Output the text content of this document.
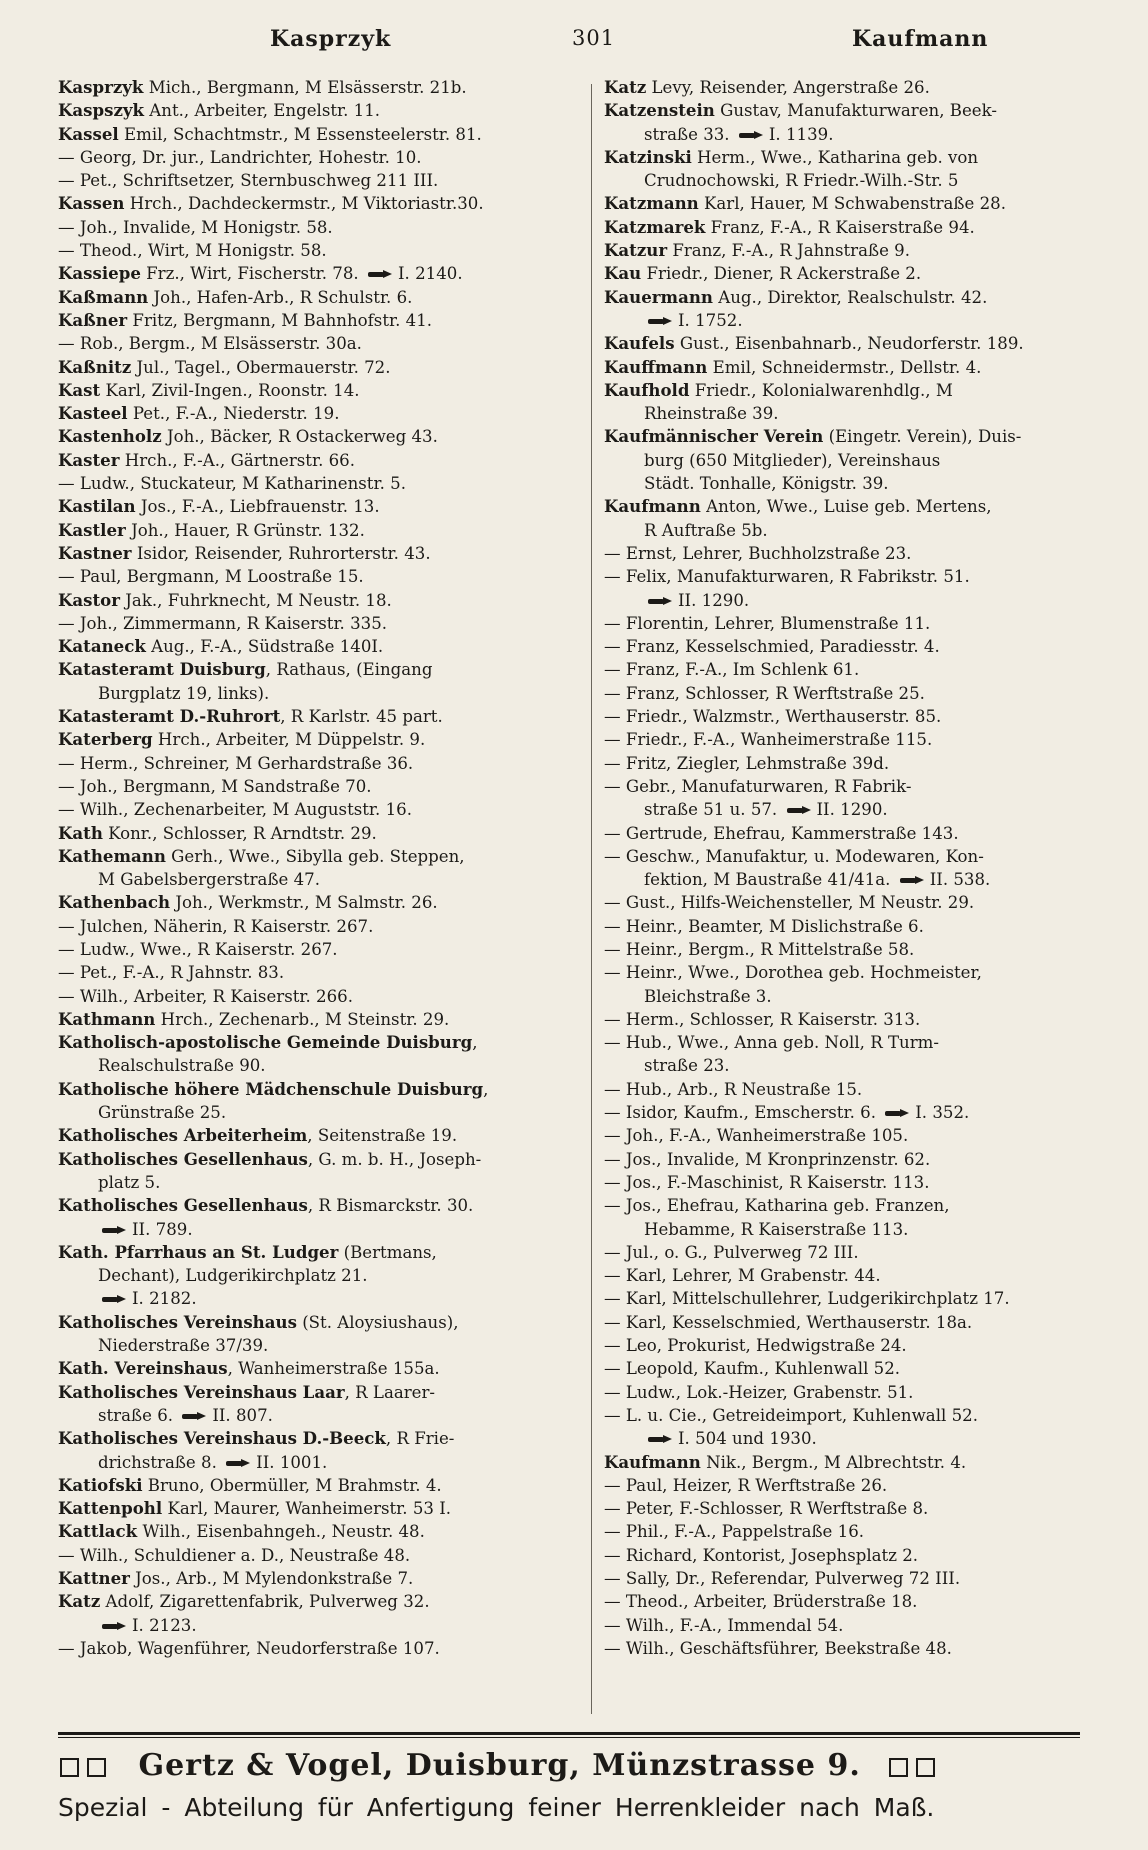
Kasprzyk	301	Kaufmann
Kasprzyk Mich., Bergmann, M Elsässerstr. 21b.
Kaspszyk Ant., Arbeiter, Engelstr. 11.
Kassel Emil, Schachtmstr., M Essensteelerstr. 81.
— Georg, Dr. jur., Landrichter, Hohestr. 10.
— Pet., Schriftsetzer, Sternbuschweg 211 III.
Kassen Hrch., Dachdeckermstr., M Viktoriastr.30.
— Joh., Invalide, M Honigstr. 58.
— Theod., Wirt, M Honigstr. 58.
Kassiepe Frz., Wirt, Fischerstr. 78. I. 2140.
Kaßmann Joh., Hafen-Arb., R Schulstr. 6.
Kaßner Fritz, Bergmann, M Bahnhofstr. 41.
— Rob., Bergm., M Elsässerstr. 30a.
Kaßnitz Jul., Tagel., Obermauerstr. 72.
Kast Karl, Zivil-Ingen., Roonstr. 14.
Kasteel Pet., F.-A., Niederstr. 19.
Kastenholz Joh., Bäcker, R Ostackerweg 43.
Kaster Hrch., F.-A., Gärtnerstr. 66.
— Ludw., Stuckateur, M Katharinenstr. 5.
Kastilan Jos., F.-A., Liebfrauenstr. 13.
Kastler Joh., Hauer, R Grünstr. 132.
Kastner Isidor, Reisender, Ruhrorterstr. 43.
— Paul, Bergmann, M Loostraße 15.
Kastor Jak., Fuhrknecht, M Neustr. 18.
— Joh., Zimmermann, R Kaiserstr. 335.
Kataneck Aug., F.-A., Südstraße 140I.
Katasteramt Duisburg, Rathaus, (Eingang
Burgplatz 19, links).
Katasteramt D.-Ruhrort, R Karlstr. 45 part.
Katerberg Hrch., Arbeiter, M Düppelstr. 9.
— Herm., Schreiner, M Gerhardstraße 36.
— Joh., Bergmann, M Sandstraße 70.
— Wilh., Zechenarbeiter, M Auguststr. 16.
Kath Konr., Schlosser, R Arndtstr. 29.
Kathemann Gerh., Wwe., Sibylla geb. Steppen,
M Gabelsbergerstraße 47.
Kathenbach Joh., Werkmstr., M Salmstr. 26.
— Julchen, Näherin, R Kaiserstr. 267.
— Ludw., Wwe., R Kaiserstr. 267.
— Pet., F.-A., R Jahnstr. 83.
— Wilh., Arbeiter, R Kaiserstr. 266.
Kathmann Hrch., Zechenarb., M Steinstr. 29.
Katholisch-apostolische Gemeinde Duisburg,
Realschulstraße 90.
Katholische höhere Mädchenschule Duisburg,
Grünstraße 25.
Katholisches Arbeiterheim, Seitenstraße 19.
Katholisches Gesellenhaus, G. m. b. H., Joseph-
platz 5.
Katholisches Gesellenhaus, R Bismarckstr. 30.
II. 789.
Kath. Pfarrhaus an St. Ludger (Bertmans,
Dechant), Ludgerikirchplatz 21.
I. 2182.
Katholisches Vereinshaus (St. Aloysiushaus),
Niederstraße 37/39.
Kath. Vereinshaus, Wanheimerstraße 155a.
Katholisches Vereinshaus Laar, R Laarer-
straße 6. II. 807.
Katholisches Vereinshaus D.-Beeck, R Frie-
drichstraße 8. II. 1001.
Katiofski Bruno, Obermüller, M Brahmstr. 4.
Kattenpohl Karl, Maurer, Wanheimerstr. 53 I.
Kattlack Wilh., Eisenbahngeh., Neustr. 48.
— Wilh., Schuldiener a. D., Neustraße 48.
Kattner Jos., Arb., M Mylendonkstraße 7.
Katz Adolf, Zigarettenfabrik, Pulverweg 32.
I. 2123.
— Jakob, Wagenführer, Neudorferstraße 107.
Katz Levy, Reisender, Angerstraße 26.
Katzenstein Gustav, Manufakturwaren, Beek-
straße 33. I. 1139.
Katzinski Herm., Wwe., Katharina geb. von
Crudnochowski, R Friedr.-Wilh.-Str. 5
Katzmann Karl, Hauer, M Schwabenstraße 28.
Katzmarek Franz, F.-A., R Kaiserstraße 94.
Katzur Franz, F.-A., R Jahnstraße 9.
Kau Friedr., Diener, R Ackerstraße 2.
Kauermann Aug., Direktor, Realschulstr. 42.
I. 1752.
Kaufels Gust., Eisenbahnarb., Neudorferstr. 189.
Kauffmann Emil, Schneidermstr., Dellstr. 4.
Kaufhold Friedr., Kolonialwarenhdlg., M
Rheinstraße 39.
Kaufmännischer Verein (Eingetr. Verein), Duis-
burg (650 Mitglieder), Vereinshaus
Städt. Tonhalle, Königstr. 39.
Kaufmann Anton, Wwe., Luise geb. Mertens,
R Auftraße 5b.
— Ernst, Lehrer, Buchholzstraße 23.
— Felix, Manufakturwaren, R Fabrikstr. 51.
II. 1290.
— Florentin, Lehrer, Blumenstraße 11.
— Franz, Kesselschmied, Paradiesstr. 4.
— Franz, F.-A., Im Schlenk 61.
— Franz, Schlosser, R Werftstraße 25.
— Friedr., Walzmstr., Werthauserstr. 85.
— Friedr., F.-A., Wanheimerstraße 115.
— Fritz, Ziegler, Lehmstraße 39d.
— Gebr., Manufaturwaren, R Fabrik-
straße 51 u. 57. II. 1290.
— Gertrude, Ehefrau, Kammerstraße 143.
— Geschw., Manufaktur, u. Modewaren, Kon-
fektion, M Baustraße 41/41a. II. 538.
— Gust., Hilfs-Weichensteller, M Neustr. 29.
— Heinr., Beamter, M Dislichstraße 6.
— Heinr., Bergm., R Mittelstraße 58.
— Heinr., Wwe., Dorothea geb. Hochmeister,
Bleichstraße 3.
— Herm., Schlosser, R Kaiserstr. 313.
— Hub., Wwe., Anna geb. Noll, R Turm-
straße 23.
— Hub., Arb., R Neustraße 15.
— Isidor, Kaufm., Emscherstr. 6. I. 352.
— Joh., F.-A., Wanheimerstraße 105.
— Jos., Invalide, M Kronprinzenstr. 62.
— Jos., F.-Maschinist, R Kaiserstr. 113.
— Jos., Ehefrau, Katharina geb. Franzen,
Hebamme, R Kaiserstraße 113.
— Jul., o. G., Pulverweg 72 III.
— Karl, Lehrer, M Grabenstr. 44.
— Karl, Mittelschullehrer, Ludgerikirchplatz 17.
— Karl, Kesselschmied, Werthauserstr. 18a.
— Leo, Prokurist, Hedwigstraße 24.
— Leopold, Kaufm., Kuhlenwall 52.
— Ludw., Lok.-Heizer, Grabenstr. 51.
— L. u. Cie., Getreideimport, Kuhlenwall 52.
I. 504 und 1930.
Kaufmann Nik., Bergm., M Albrechtstr. 4.
— Paul, Heizer, R Werftstraße 26.
— Peter, F.-Schlosser, R Werftstraße 8.
— Phil., F.-A., Pappelstraße 16.
— Richard, Kontorist, Josephsplatz 2.
— Sally, Dr., Referendar, Pulverweg 72 III.
— Theod., Arbeiter, Brüderstraße 18.
— Wilh., F.-A., Immendal 54.
— Wilh., Geschäftsführer, Beekstraße 48.
Gertz & Vogel, Duisburg, Münzstrasse 9.
Spezial - Abteilung für Anfertigung feiner Herrenkleider nach Maß.
